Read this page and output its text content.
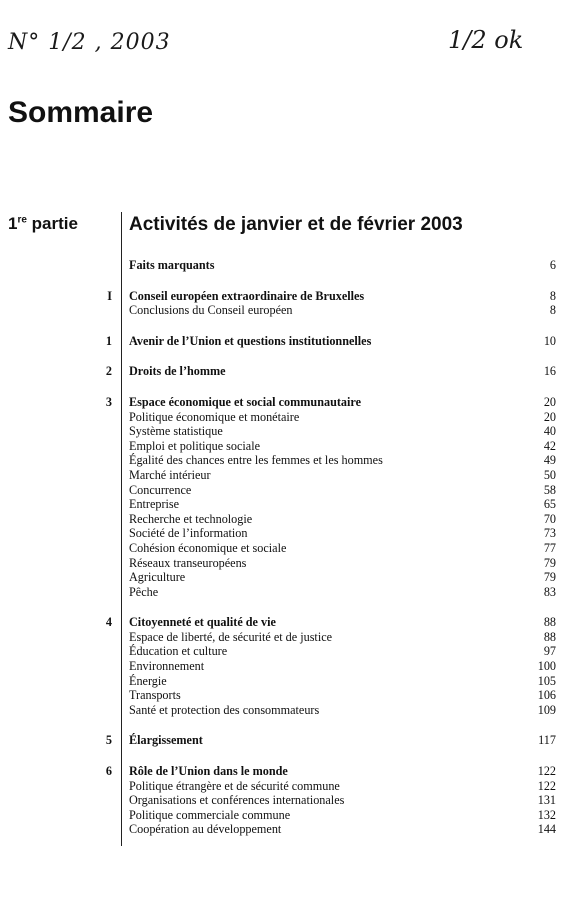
N° 1/2 , 2003	1/2 ok
Sommaire
1re partie	Activités de janvier et de février 2003
Faits marquants	6
I Conseil européen extraordinaire de Bruxelles	8
Conclusions du Conseil européen	8
1 Avenir de l’Union et questions institutionnelles	10
2 Droits de l’homme	16
3 Espace économique et social communautaire	20
Politique économique et monétaire	20
Système statistique	40
Emploi et politique sociale	42
Égalité des chances entre les femmes et les hommes	49
Marché intérieur	50
Concurrence	58
Entreprise	65
Recherche et technologie	70
Société de l’information	73
Cohésion économique et sociale	77
Réseaux transeuropéens	79
Agriculture	79
Pêche	83
4 Citoyenneté et qualité de vie	88
Espace de liberté, de sécurité et de justice	88
Éducation et culture	97
Environnement	100
Énergie	105
Transports	106
Santé et protection des consommateurs	109
5 Élargissement	117
6 Rôle de l’Union dans le monde	122
Politique étrangère et de sécurité commune	122
Organisations et conférences internationales	131
Politique commerciale commune	132
Coopération au développement	144
